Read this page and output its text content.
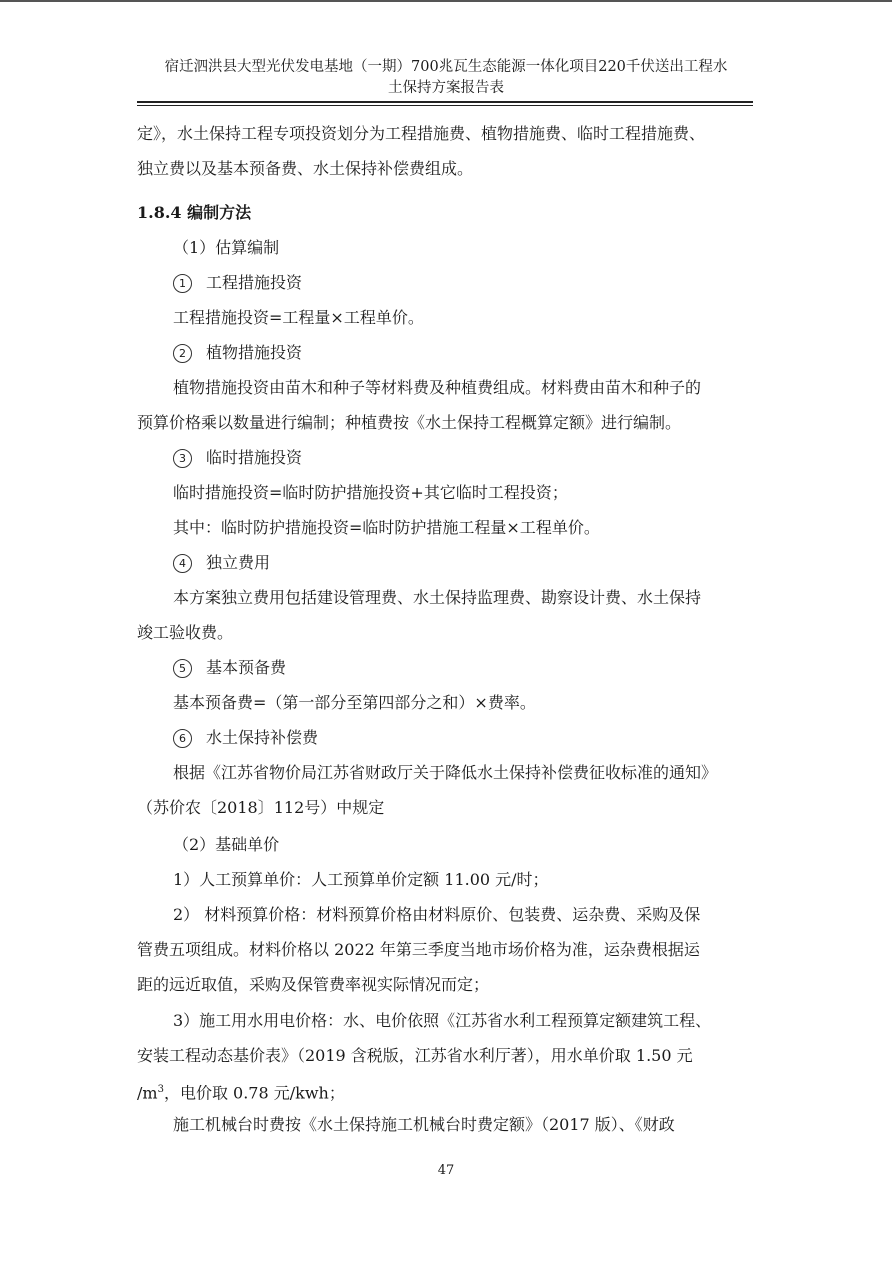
宿迁泗洪县大型光伏发电基地（一期）700兆瓦生态能源一体化项目220千伏送出工程水
土保持方案报告表
定》，水土保持工程专项投资划分为工程措施费、植物措施费、临时工程措施费、
独立费以及基本预备费、水土保持补偿费组成。
1.8.4 编制方法
（1）估算编制
1 工程措施投资
工程措施投资=工程量×工程单价。
2 植物措施投资
植物措施投资由苗木和种子等材料费及种植费组成。材料费由苗木和种子的
预算价格乘以数量进行编制；种植费按《水土保持工程概算定额》进行编制。
3 临时措施投资
临时措施投资=临时防护措施投资+其它临时工程投资；
其中：临时防护措施投资=临时防护措施工程量×工程单价。
4 独立费用
本方案独立费用包括建设管理费、水土保持监理费、勘察设计费、水土保持
竣工验收费。
5 基本预备费
基本预备费=（第一部分至第四部分之和）×费率。
6 水土保持补偿费
根据《江苏省物价局江苏省财政厅关于降低水土保持补偿费征收标准的通知》
（苏价农〔2018〕112号）中规定
（2）基础单价
1）人工预算单价：人工预算单价定额 11.00 元/时；
2） 材料预算价格：材料预算价格由材料原价、包装费、运杂费、采购及保
管费五项组成。材料价格以 2022 年第三季度当地市场价格为准，运杂费根据运
距的远近取值，采购及保管费率视实际情况而定；
3）施工用水用电价格：水、电价依照《江苏省水利工程预算定额建筑工程、
安装工程动态基价表》（2019 含税版，江苏省水利厅著），用水单价取 1.50 元
$/m^3$，电价取 0.78 元/kwh；
施工机械台时费按《水土保持施工机械台时费定额》（2017 版）、《财政
47
